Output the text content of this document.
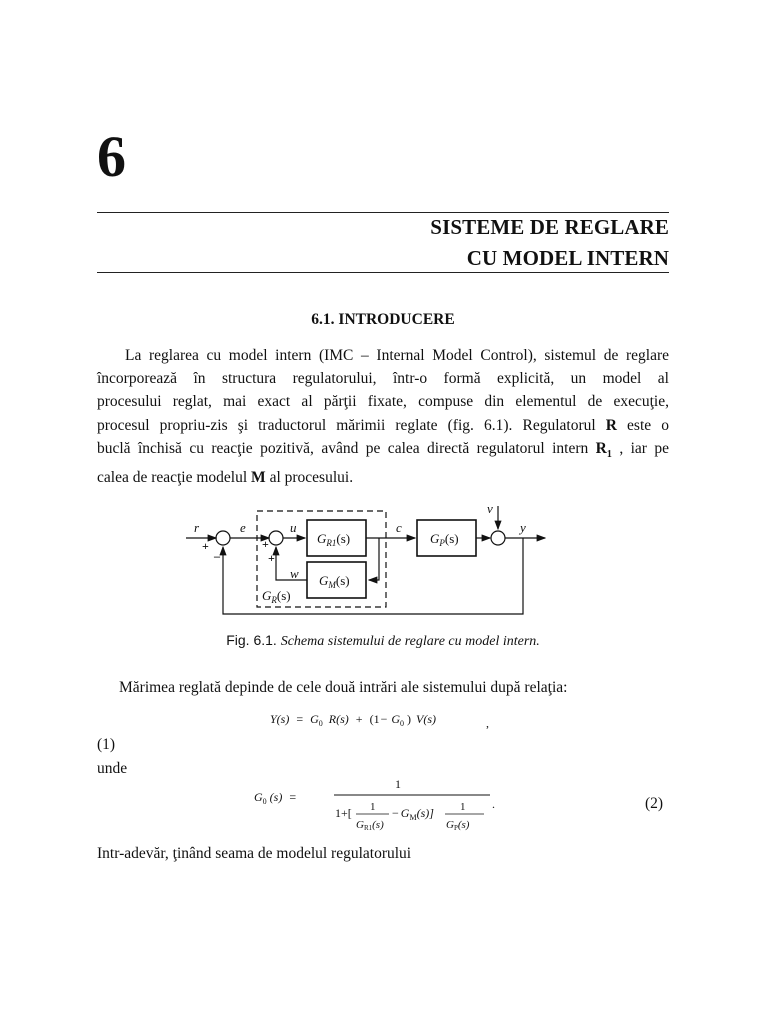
6
SISTEME DE REGLARE
CU MODEL INTERN
6.1. INTRODUCERE
La reglarea cu model intern (IMC – Internal Model Control), sistemul de reglare
încorporează în structura regulatorului, într-o formă explicită, un model al
procesului reglat, mai exact al părţii fixate, compuse din elementul de execuţie,
procesul propriu-zis şi traductorul mărimii reglate (fig. 6.1). Regulatorul R este o
buclă închisă cu reacţie pozitivă, având pe calea directă regulatorul intern $R_1$ , iar pe
calea de reacţie modelul M al procesului.
r	e	u	c
v
y
w
+
–
+
+
$G_{R1}(s)$
$G_M(s)$
$G_P(s)$
$G_R(s)$
Fig. 6.1. Schema sistemului de reglare cu model intern.
Mărimea reglată depinde de cele două intrări ale sistemului după relaţia:
$Y(s) = G_0$ $R(s) + (1- G_0$ ) V(s)	,
(1)
unde
$G_0$ (s) =
1
1+[ 1
GR1(s)
− $G_M(s)$] 1
GP(s)
.	(2)
Intr-adevăr, ţinând seama de modelul regulatorului
